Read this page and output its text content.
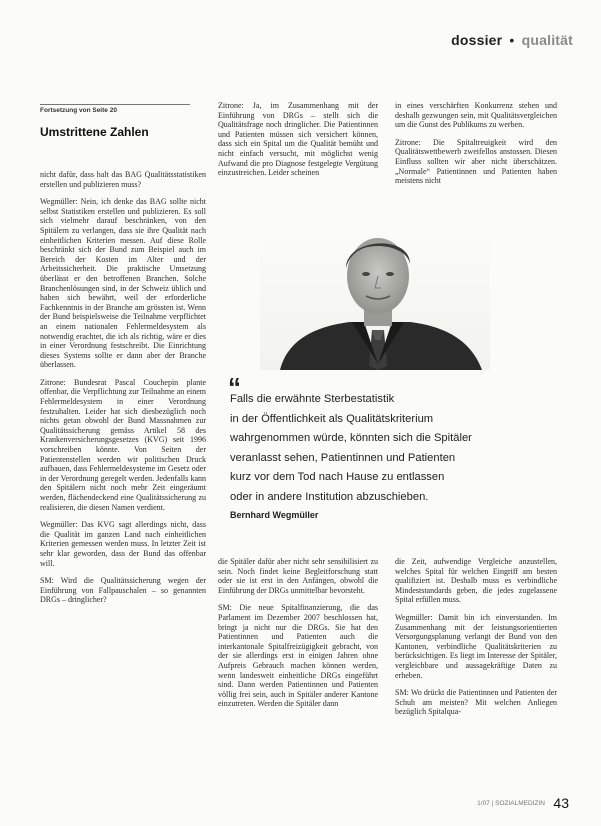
dossier • qualität
Fortsetzung von Seite 20
Umstrittene Zahlen

nicht dafür, dass halt das BAG Qualitätsstatistiken erstellen und publizieren muss?

Wegmüller: Nein, ich denke das BAG sollte nicht selbst Statistiken erstellen und publizieren. Es soll sich vielmehr darauf beschränken, von den Spitälern zu verlangen, dass sie ihre Qualität nach einheitlichen Kriterien messen. Auf diese Rolle beschränkt sich der Bund zum Beispiel auch im Bereich der Kosten im Alter und der Arbeitssicherheit. Die praktische Umsetzung überlässt er den betroffenen Branchen. Solche Branchenlösungen sind, in der Schweiz üblich und haben sich bewährt, weil der erforderliche Fachkenntnis in der Branche am grössten ist. Wenn der Bund beispielsweise die Teilnahme verpflichtet an einem nationalen Fehlermeldesystem als notwendig erachtet, die ich als richtig, wäre er dies in einer Verordnung festschreibt. Die Einrichtung dieses Systems sollte er dann aber der Branche überlassen.

Zitrone: Bundesrat Pascal Couchepin plante offenbar, die Verpflichtung zur Teilnahme an einem Fehlermeldesystem in einer Verordnung festzuhalten. Leider hat sich diesbezüglich noch nichts getan obwohl der Bund Massnahmen zur Qualitätssicherung gemäss Artikel 58 des Krankenversicherungsgesetzes (KVG) seit 1996 vorschreiben könnte. Von Seiten der Patientenstellen werden wir politischen Druck aufbauen, dass Fehlermeldesysteme im Gesetz oder in der Verordnung geregelt werden. Jedenfalls kann den Spitälern nicht noch mehr Zeit eingeräumt werden, flächendeckend eine Qualitätssicherung zu realisieren, die diesen Namen verdient.

Wegmüller: Das KVG sagt allerdings nicht, dass die Qualität im ganzen Land nach einheitlichen Kriterien gemessen werden muss. In letzter Zeit ist sehr klar geworden, dass der Bund das offenbar will.

SM: Wird die Qualitätssicherung wegen der Einführung von Fallpauschalen – so genannten DRGs – dringlicher?

Zitrone: Ja, im Zusammenhang mit der Einführung von DRGs – stellt sich die Qualitätsfrage noch dringlicher. Die Patientinnen und Patienten müssen sich versichert können, dass sich ein Spital um die Qualität bemüht und nicht einfach versucht, mit möglichst wenig Aufwand die pro Diagnose festgelegte Vergütung einzustreichen. Leider scheinen

in eines verschärften Konkurrenz stehen und deshalb gezwungen sein, mit Qualitätsvergleichen um die Gunst des Publikums zu werben.

Zitrone: Die Spitaltreuigkeit wird den Qualitätswettbewerb zweifellos anstossen. Diesen Einfluss sollten wir aber nicht überschätzen. „Normale“ Patientinnen und Patienten haben meistens nicht

“
Falls die erwähnte Sterbestatistik
in der Öffentlichkeit als Qualitätskriterium
wahrgenommen würde, könnten sich die Spitäler
veranlasst sehen, Patientinnen und Patienten
kurz vor dem Tod nach Hause zu entlassen
oder in andere Institution abzuschieben.
Bernhard Wegmüller

die Spitäler dafür aber nicht sehr sensibilisiert zu sein. Noch findet keine Begleitforschung statt oder sie ist erst in den Anfängen, obwohl die Einführung der DRGs unmittelbar bevorsteht.

SM: Die neue Spitalfinanzierung, die das Parlament im Dezember 2007 beschlossen hat, bringt ja nicht nur die DRGs. Sie hat den Patientinnen und Patienten auch die interkantonale Spitalfreizügigkeit gebracht, von der sie allerdings erst in einigen Jahren ohne Aufpreis Gebrauch machen können werden, wenn landesweit einheitliche DRGs eingeführt sind. Dann werden Patientinnen und Patienten völlig frei sein, auch in Spitäler anderer Kantone einzutreten. Werden die Spitäler dann

die Zeit, aufwendige Vergleiche anzustellen, welches Spital für welchen Eingriff am besten qualifiziert ist. Deshalb muss es verbindliche Mindeststandards geben, die jedes zugelassene Spital erfüllen muss.

Wegmüller: Damit bin ich einverstanden. Im Zusammenhang mit der leistungsorientierten Versorgungsplanung verlangt der Bund von den Kantonen, verbindliche Qualitätskriterien zu berücksichtigen. Es liegt im Interesse der Spitäler, vergleichbare und aussagekräftige Daten zu erheben.

SM: Wo drückt die Patientinnen und Patienten der Schuh am meisten? Mit welchen Anliegen bezüglich Spitalqua-

1/07 | SOZIALMEDIZIN 43
